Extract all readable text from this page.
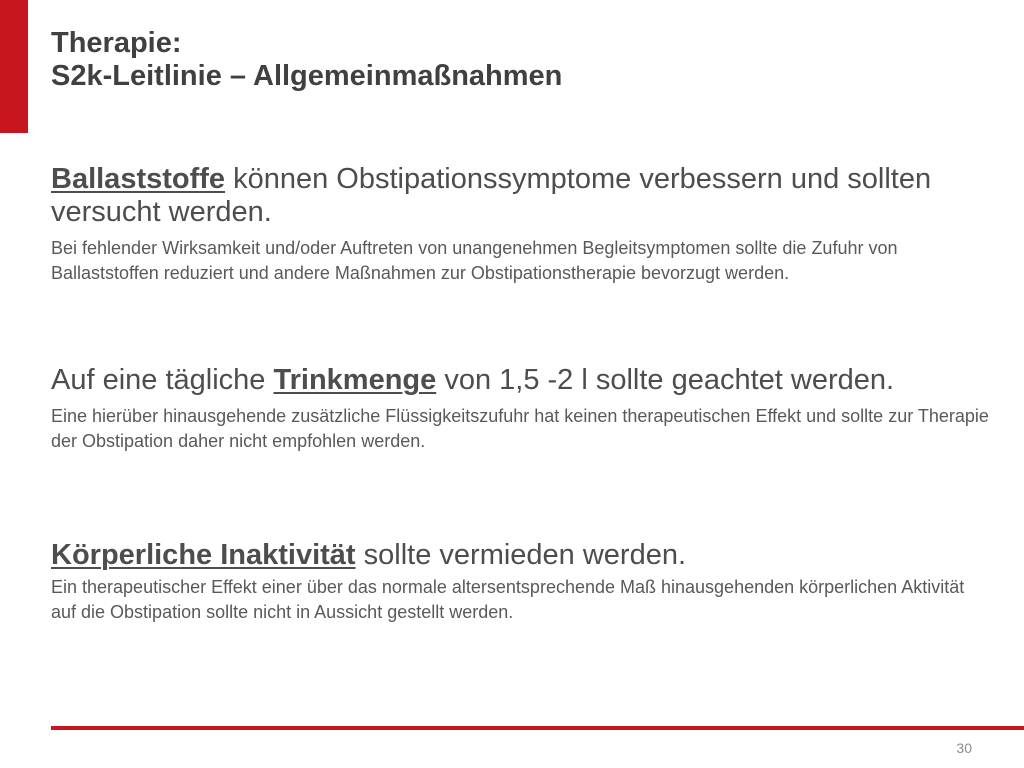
Therapie:
S2k-Leitlinie – Allgemeinmaßnahmen

Ballaststoffe können Obstipationssymptome verbessern und sollten versucht werden.

Bei fehlender Wirksamkeit und/oder Auftreten von unangenehmen Begleitsymptomen sollte die Zufuhr von Ballaststoffen reduziert und andere Maßnahmen zur Obstipationstherapie bevorzugt werden.

Auf eine tägliche Trinkmenge von 1,5 -2 l sollte geachtet werden.

Eine hierüber hinausgehende zusätzliche Flüssigkeitszufuhr hat keinen therapeutischen Effekt und sollte zur Therapie der Obstipation daher nicht empfohlen werden.

Körperliche Inaktivität sollte vermieden werden.

Ein therapeutischer Effekt einer über das normale altersentsprechende Maß hinausgehenden körperlichen Aktivität auf die Obstipation sollte nicht in Aussicht gestellt werden.

30
